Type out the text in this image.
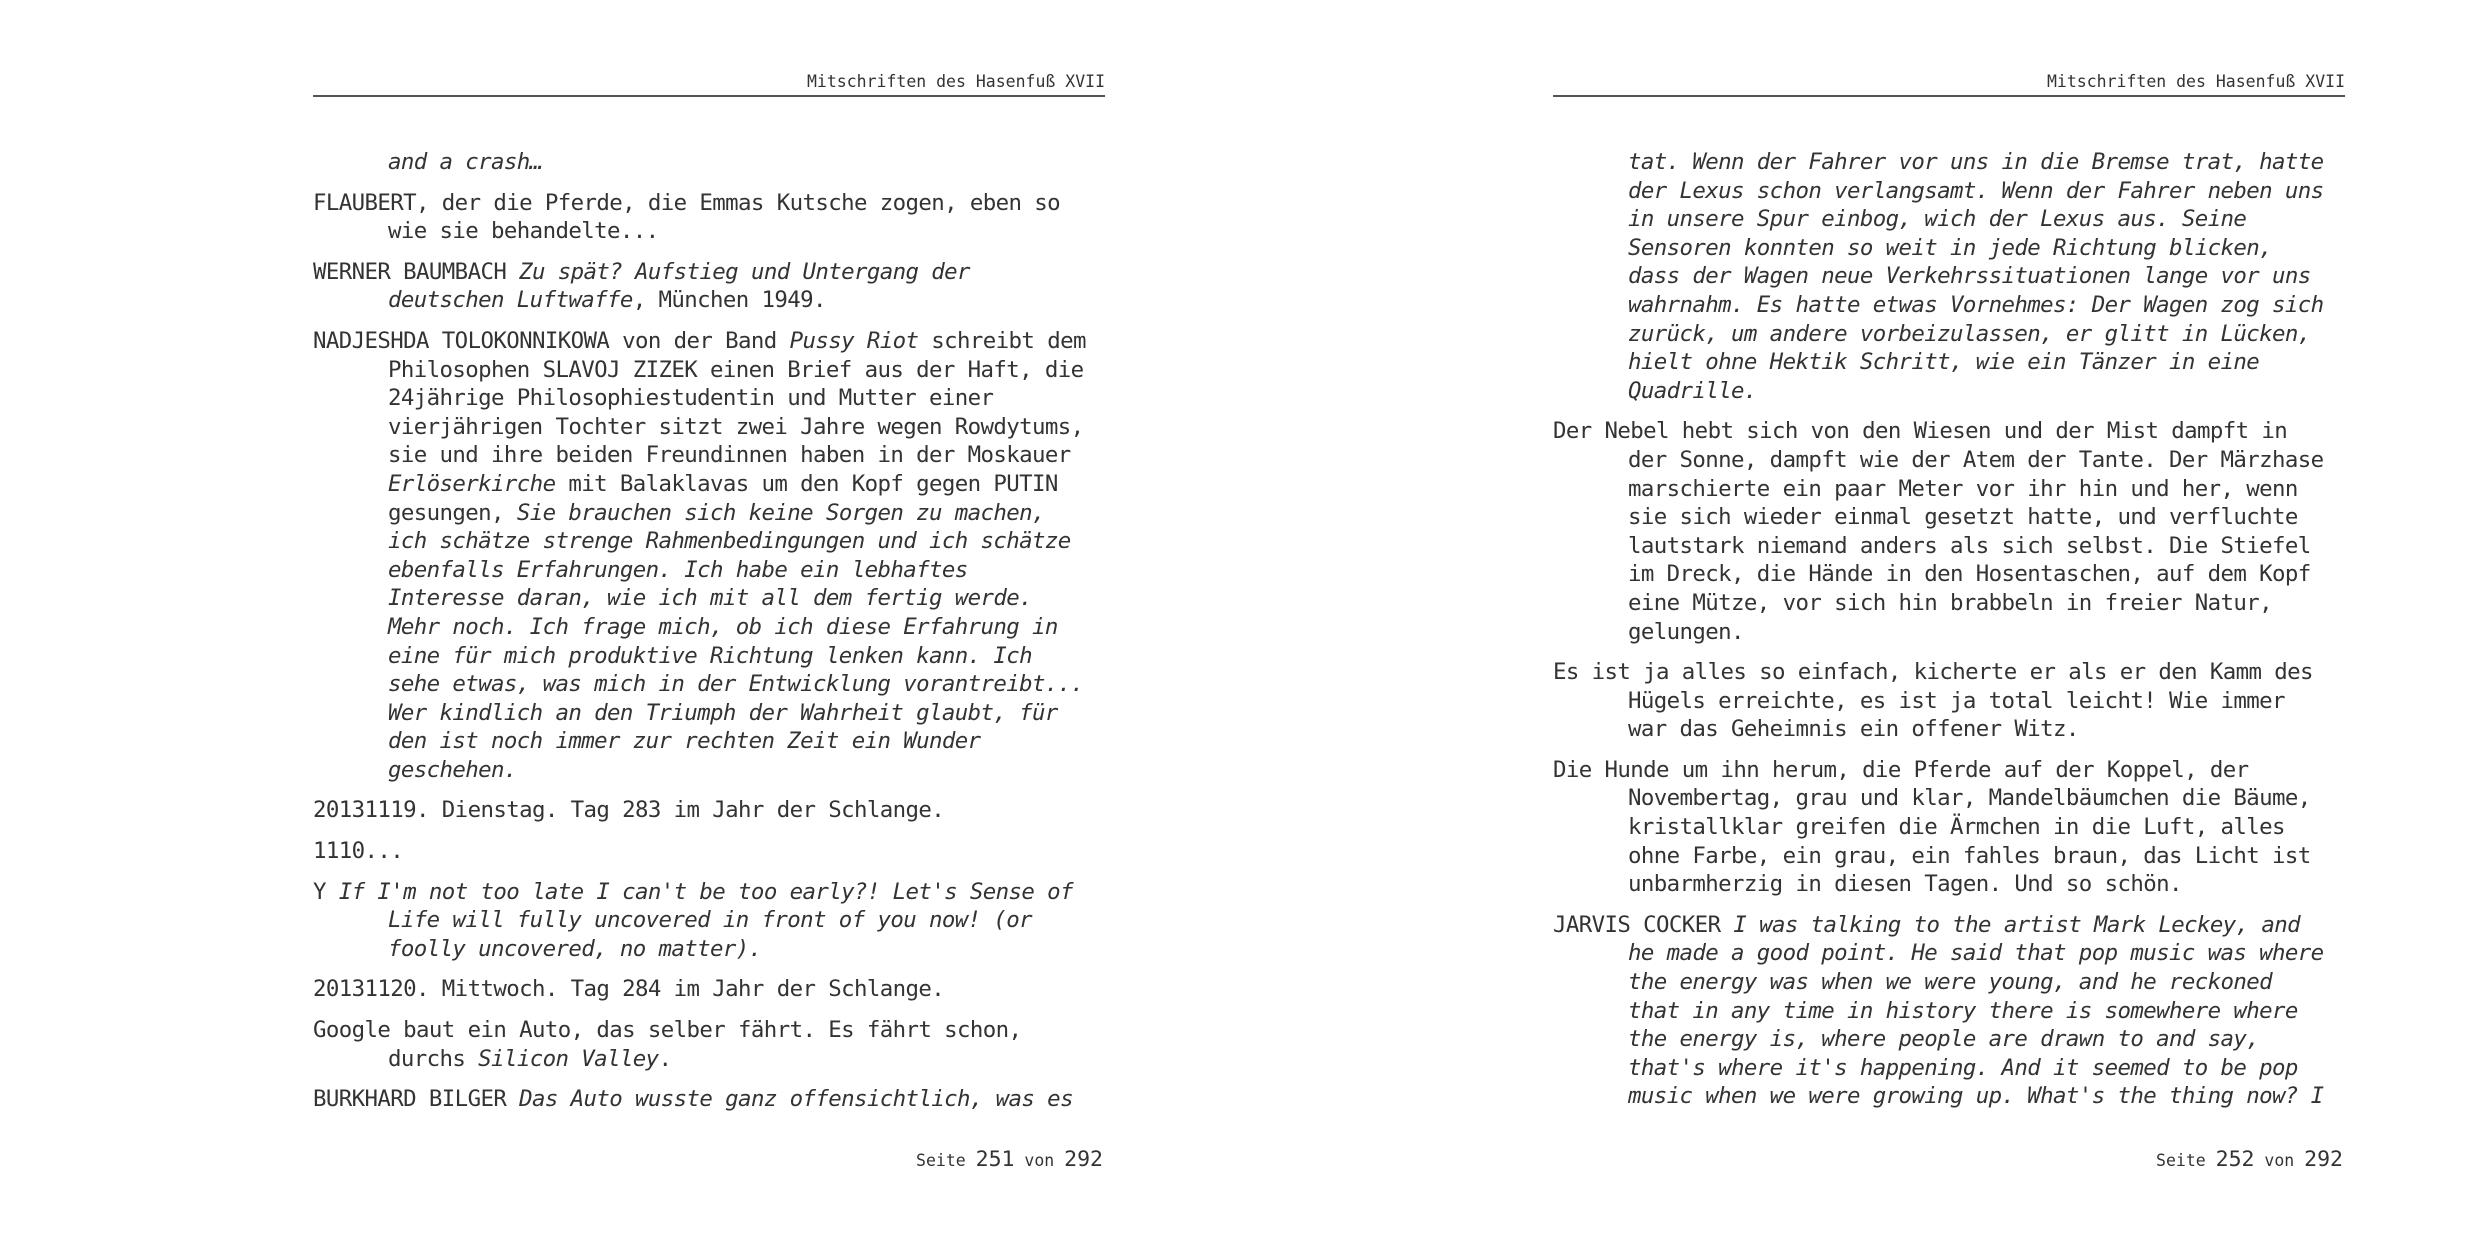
Mitschriften des Hasenfuß XVII

and a crash…

FLAUBERT, der die Pferde, die Emmas Kutsche zogen, eben so
wie sie behandelte...

WERNER BAUMBACH Zu spät? Aufstieg und Untergang der
deutschen Luftwaffe, München 1949.

NADJESHDA TOLOKONNIKOWA von der Band Pussy Riot schreibt dem
Philosophen SLAVOJ ZIZEK einen Brief aus der Haft, die
24jährige Philosophiestudentin und Mutter einer
vierjährigen Tochter sitzt zwei Jahre wegen Rowdytums,
sie und ihre beiden Freundinnen haben in der Moskauer
Erlöserkirche mit Balaklavas um den Kopf gegen PUTIN
gesungen, Sie brauchen sich keine Sorgen zu machen,
ich schätze strenge Rahmenbedingungen und ich schätze
ebenfalls Erfahrungen. Ich habe ein lebhaftes
Interesse daran, wie ich mit all dem fertig werde.
Mehr noch. Ich frage mich, ob ich diese Erfahrung in
eine für mich produktive Richtung lenken kann. Ich
sehe etwas, was mich in der Entwicklung vorantreibt...
Wer kindlich an den Triumph der Wahrheit glaubt, für
den ist noch immer zur rechten Zeit ein Wunder
geschehen.

20131119. Dienstag. Tag 283 im Jahr der Schlange.

1110...

Y If I'm not too late I can't be too early?! Let's Sense of
Life will fully uncovered in front of you now! (or
foolly uncovered, no matter).

20131120. Mittwoch. Tag 284 im Jahr der Schlange.

Google baut ein Auto, das selber fährt. Es fährt schon,
durchs Silicon Valley.

BURKHARD BILGER Das Auto wusste ganz offensichtlich, was es

Seite 251 von 292
Mitschriften des Hasenfuß XVII

tat. Wenn der Fahrer vor uns in die Bremse trat, hatte
der Lexus schon verlangsamt. Wenn der Fahrer neben uns
in unsere Spur einbog, wich der Lexus aus. Seine
Sensoren konnten so weit in jede Richtung blicken,
dass der Wagen neue Verkehrssituationen lange vor uns
wahrnahm. Es hatte etwas Vornehmes: Der Wagen zog sich
zurück, um andere vorbeizulassen, er glitt in Lücken,
hielt ohne Hektik Schritt, wie ein Tänzer in eine
Quadrille.

Der Nebel hebt sich von den Wiesen und der Mist dampft in
der Sonne, dampft wie der Atem der Tante. Der Märzhase
marschierte ein paar Meter vor ihr hin und her, wenn
sie sich wieder einmal gesetzt hatte, und verfluchte
lautstark niemand anders als sich selbst. Die Stiefel
im Dreck, die Hände in den Hosentaschen, auf dem Kopf
eine Mütze, vor sich hin brabbeln in freier Natur,
gelungen.

Es ist ja alles so einfach, kicherte er als er den Kamm des
Hügels erreichte, es ist ja total leicht! Wie immer
war das Geheimnis ein offener Witz.

Die Hunde um ihn herum, die Pferde auf der Koppel, der
Novembertag, grau und klar, Mandelbäumchen die Bäume,
kristallklar greifen die Ärmchen in die Luft, alles
ohne Farbe, ein grau, ein fahles braun, das Licht ist
unbarmherzig in diesen Tagen. Und so schön.

JARVIS COCKER I was talking to the artist Mark Leckey, and
he made a good point. He said that pop music was where
the energy was when we were young, and he reckoned
that in any time in history there is somewhere where
the energy is, where people are drawn to and say,
that's where it's happening. And it seemed to be pop
music when we were growing up. What's the thing now? I

Seite 252 von 292
